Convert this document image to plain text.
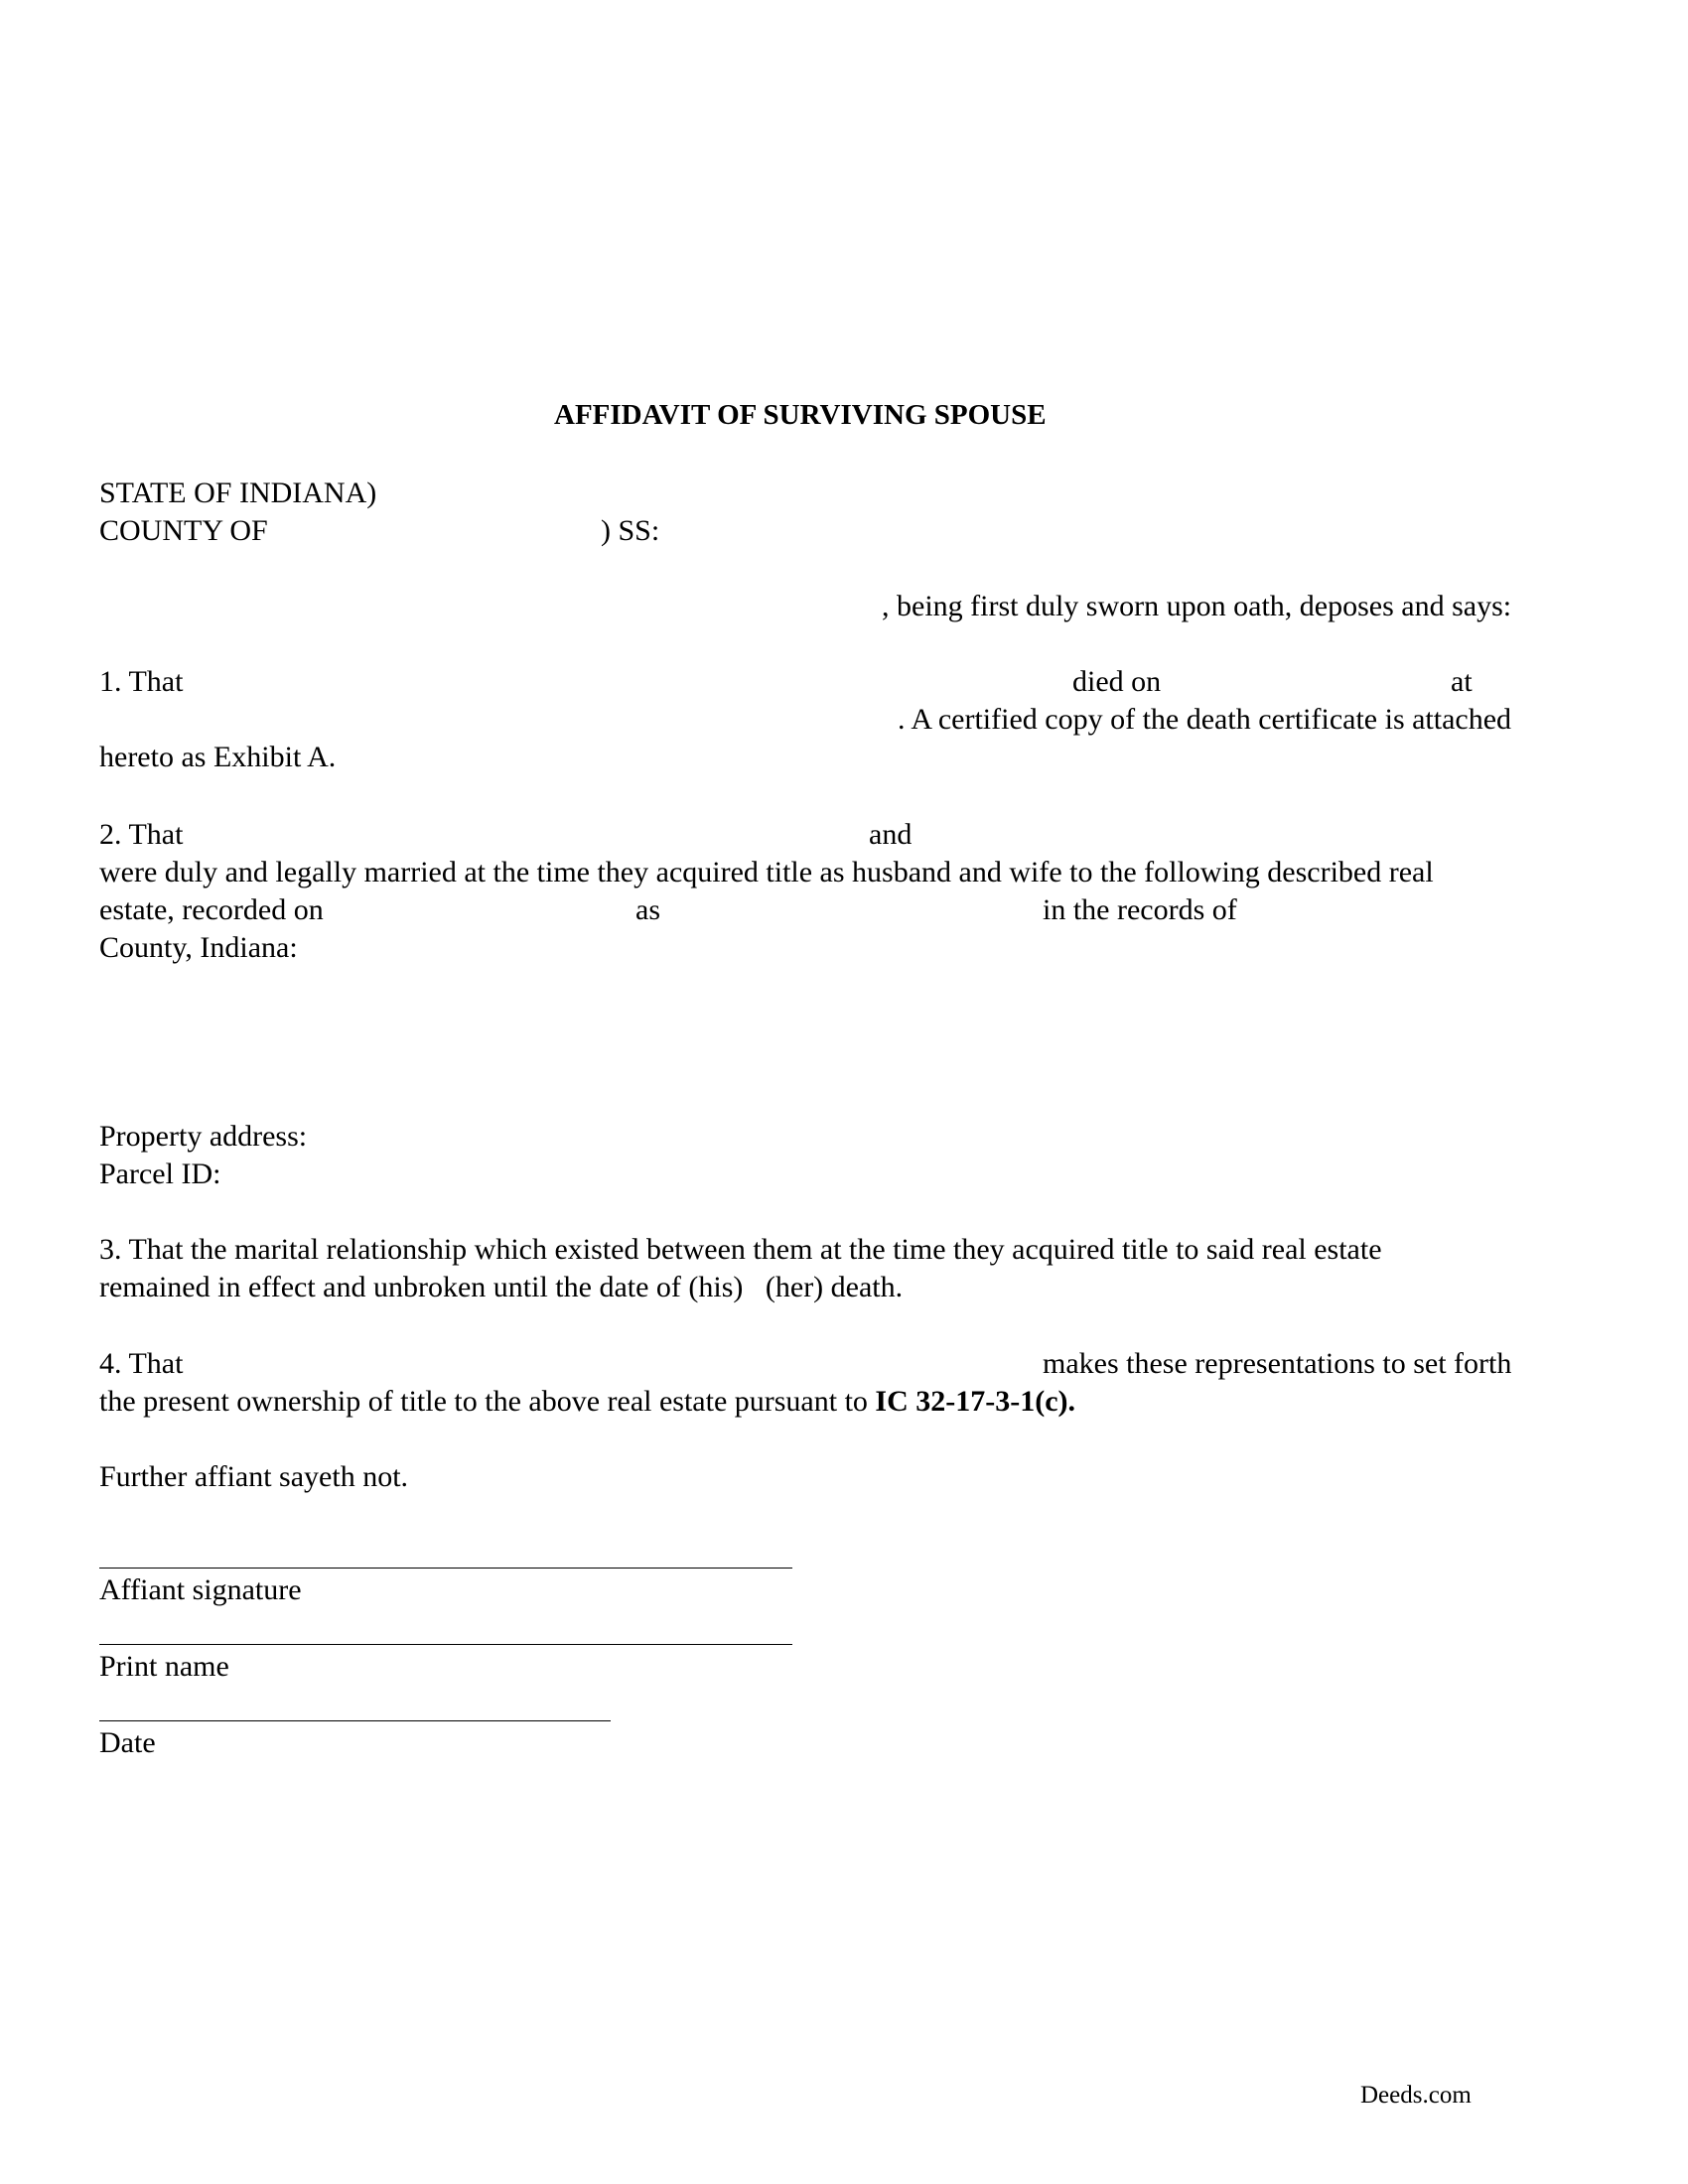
AFFIDAVIT OF SURVIVING SPOUSE
STATE OF INDIANA)
COUNTY OF	) SS:
, being first duly sworn upon oath, deposes and says:
1. That	died on	at
. A certified copy of the death certificate is attached
hereto as Exhibit A.
2. That	and
were duly and legally married at the time they acquired title as husband and wife to the following described real
estate, recorded on	as	in the records of
County, Indiana:
Property address:
Parcel ID:
3. That the marital relationship which existed between them at the time they acquired title to said real estate
remained in effect and unbroken until the date of (his)   (her) death.
4. That	makes these representations to set forth
the present ownership of title to the above real estate pursuant to IC 32-17-3-1(c).
Further affiant sayeth not.
Affiant signature
Print name
Date
Deeds.com
